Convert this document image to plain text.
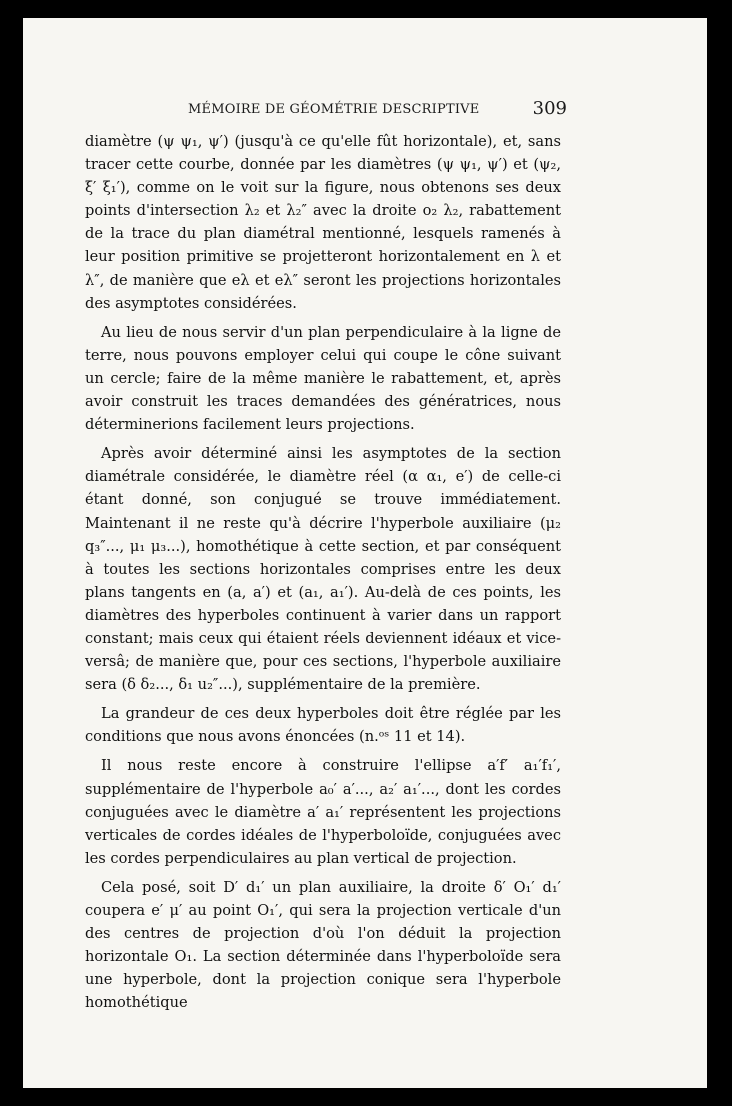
MÉMOIRE DE GÉOMÉTRIE DESCRIPTIVE	309

diamètre (ψ ψ₁, ψ′) (jusqu'à ce qu'elle fût horizontale), et, sans tracer cette courbe, donnée par les diamètres (ψ ψ₁, ψ′) et (ψ₂, ξ′ ξ₁′), comme on le voit sur la figure, nous obtenons ses deux points d'intersection λ₂ et λ₂″ avec la droite o₂ λ₂, rabattement de la trace du plan diamétral mentionné, lesquels ramenés à leur position primitive se projetteront horizontalement en λ et λ″, de manière que eλ et eλ″ seront les projections horizontales des asymptotes considérées.

Au lieu de nous servir d'un plan perpendiculaire à la ligne de terre, nous pouvons employer celui qui coupe le cône suivant un cercle; faire de la même manière le rabattement, et, après avoir construit les traces demandées des génératrices, nous déterminerions facilement leurs projections.

Après avoir déterminé ainsi les asymptotes de la section diamétrale considérée, le diamètre réel (α α₁, e′) de celle-ci étant donné, son conjugué se trouve immédiatement. Maintenant il ne reste qu'à décrire l'hyperbole auxiliaire (μ₂ q₃″..., μ₁ μ₃...), homothétique à cette section, et par conséquent à toutes les sections horizontales comprises entre les deux plans tangents en (a, a′) et (a₁, a₁′). Au-delà de ces points, les diamètres des hyperboles continuent à varier dans un rapport constant; mais ceux qui étaient réels deviennent idéaux et vice-versâ; de manière que, pour ces sections, l'hyperbole auxiliaire sera (δ δ₂..., δ₁ u₂″...), supplémentaire de la première.

La grandeur de ces deux hyperboles doit être réglée par les conditions que nous avons énoncées (n.ᵒˢ 11 et 14).

Il nous reste encore à construire l'ellipse a′f′ a₁′f₁′, supplémentaire de l'hyperbole a₀′ a′..., a₂′ a₁′..., dont les cordes conjuguées avec le diamètre a′ a₁′ représentent les projections verticales de cordes idéales de l'hyperboloïde, conjuguées avec les cordes perpendiculaires au plan vertical de projection.

Cela posé, soit D′ d₁′ un plan auxiliaire, la droite δ′ O₁′ d₁′ coupera e′ μ′ au point O₁′, qui sera la projection verticale d'un des centres de projection d'où l'on déduit la projection horizontale O₁. La section déterminée dans l'hyperboloïde sera une hyperbole, dont la projection conique sera l'hyperbole homothétique
